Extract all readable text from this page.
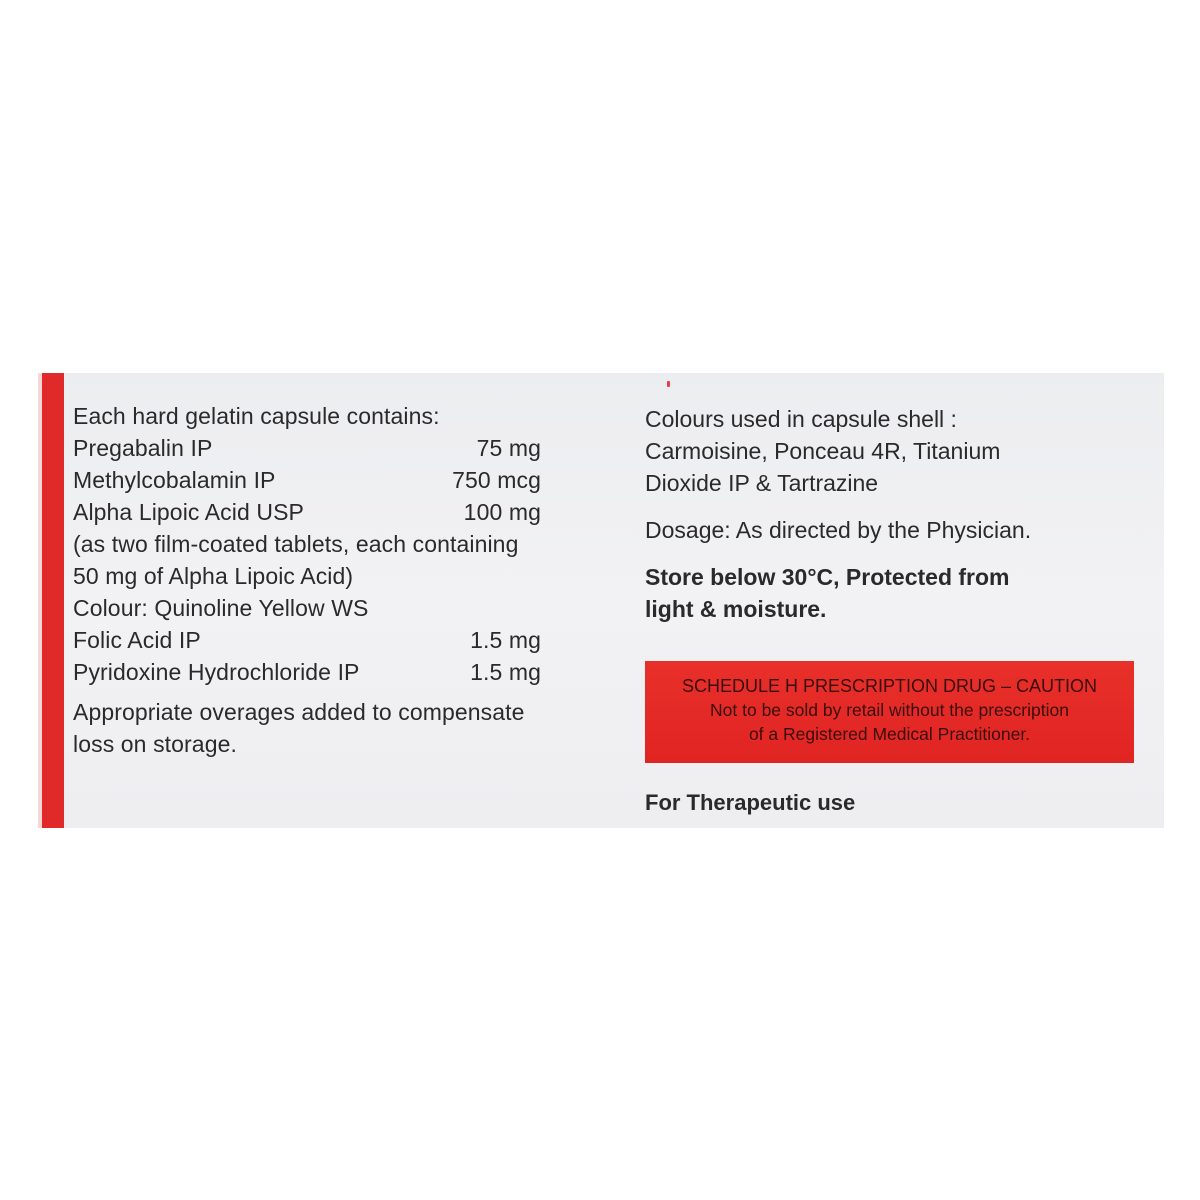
Each hard gelatin capsule contains:
Pregabalin IP	75 mg
Methylcobalamin IP	750 mcg
Alpha Lipoic Acid USP	100 mg
(as two film-coated tablets, each containing
50 mg of Alpha Lipoic Acid)
Colour: Quinoline Yellow WS
Folic Acid IP	1.5 mg
Pyridoxine Hydrochloride IP	1.5 mg
Appropriate overages added to compensate
loss on storage.
Colours used in capsule shell :
Carmoisine, Ponceau 4R, Titanium
Dioxide IP & Tartrazine
Dosage: As directed by the Physician.
Store below 30°C, Protected from
light & moisture.
SCHEDULE H PRESCRIPTION DRUG – CAUTION
Not to be sold by retail without the prescription
of a Registered Medical Practitioner.
For Therapeutic use
